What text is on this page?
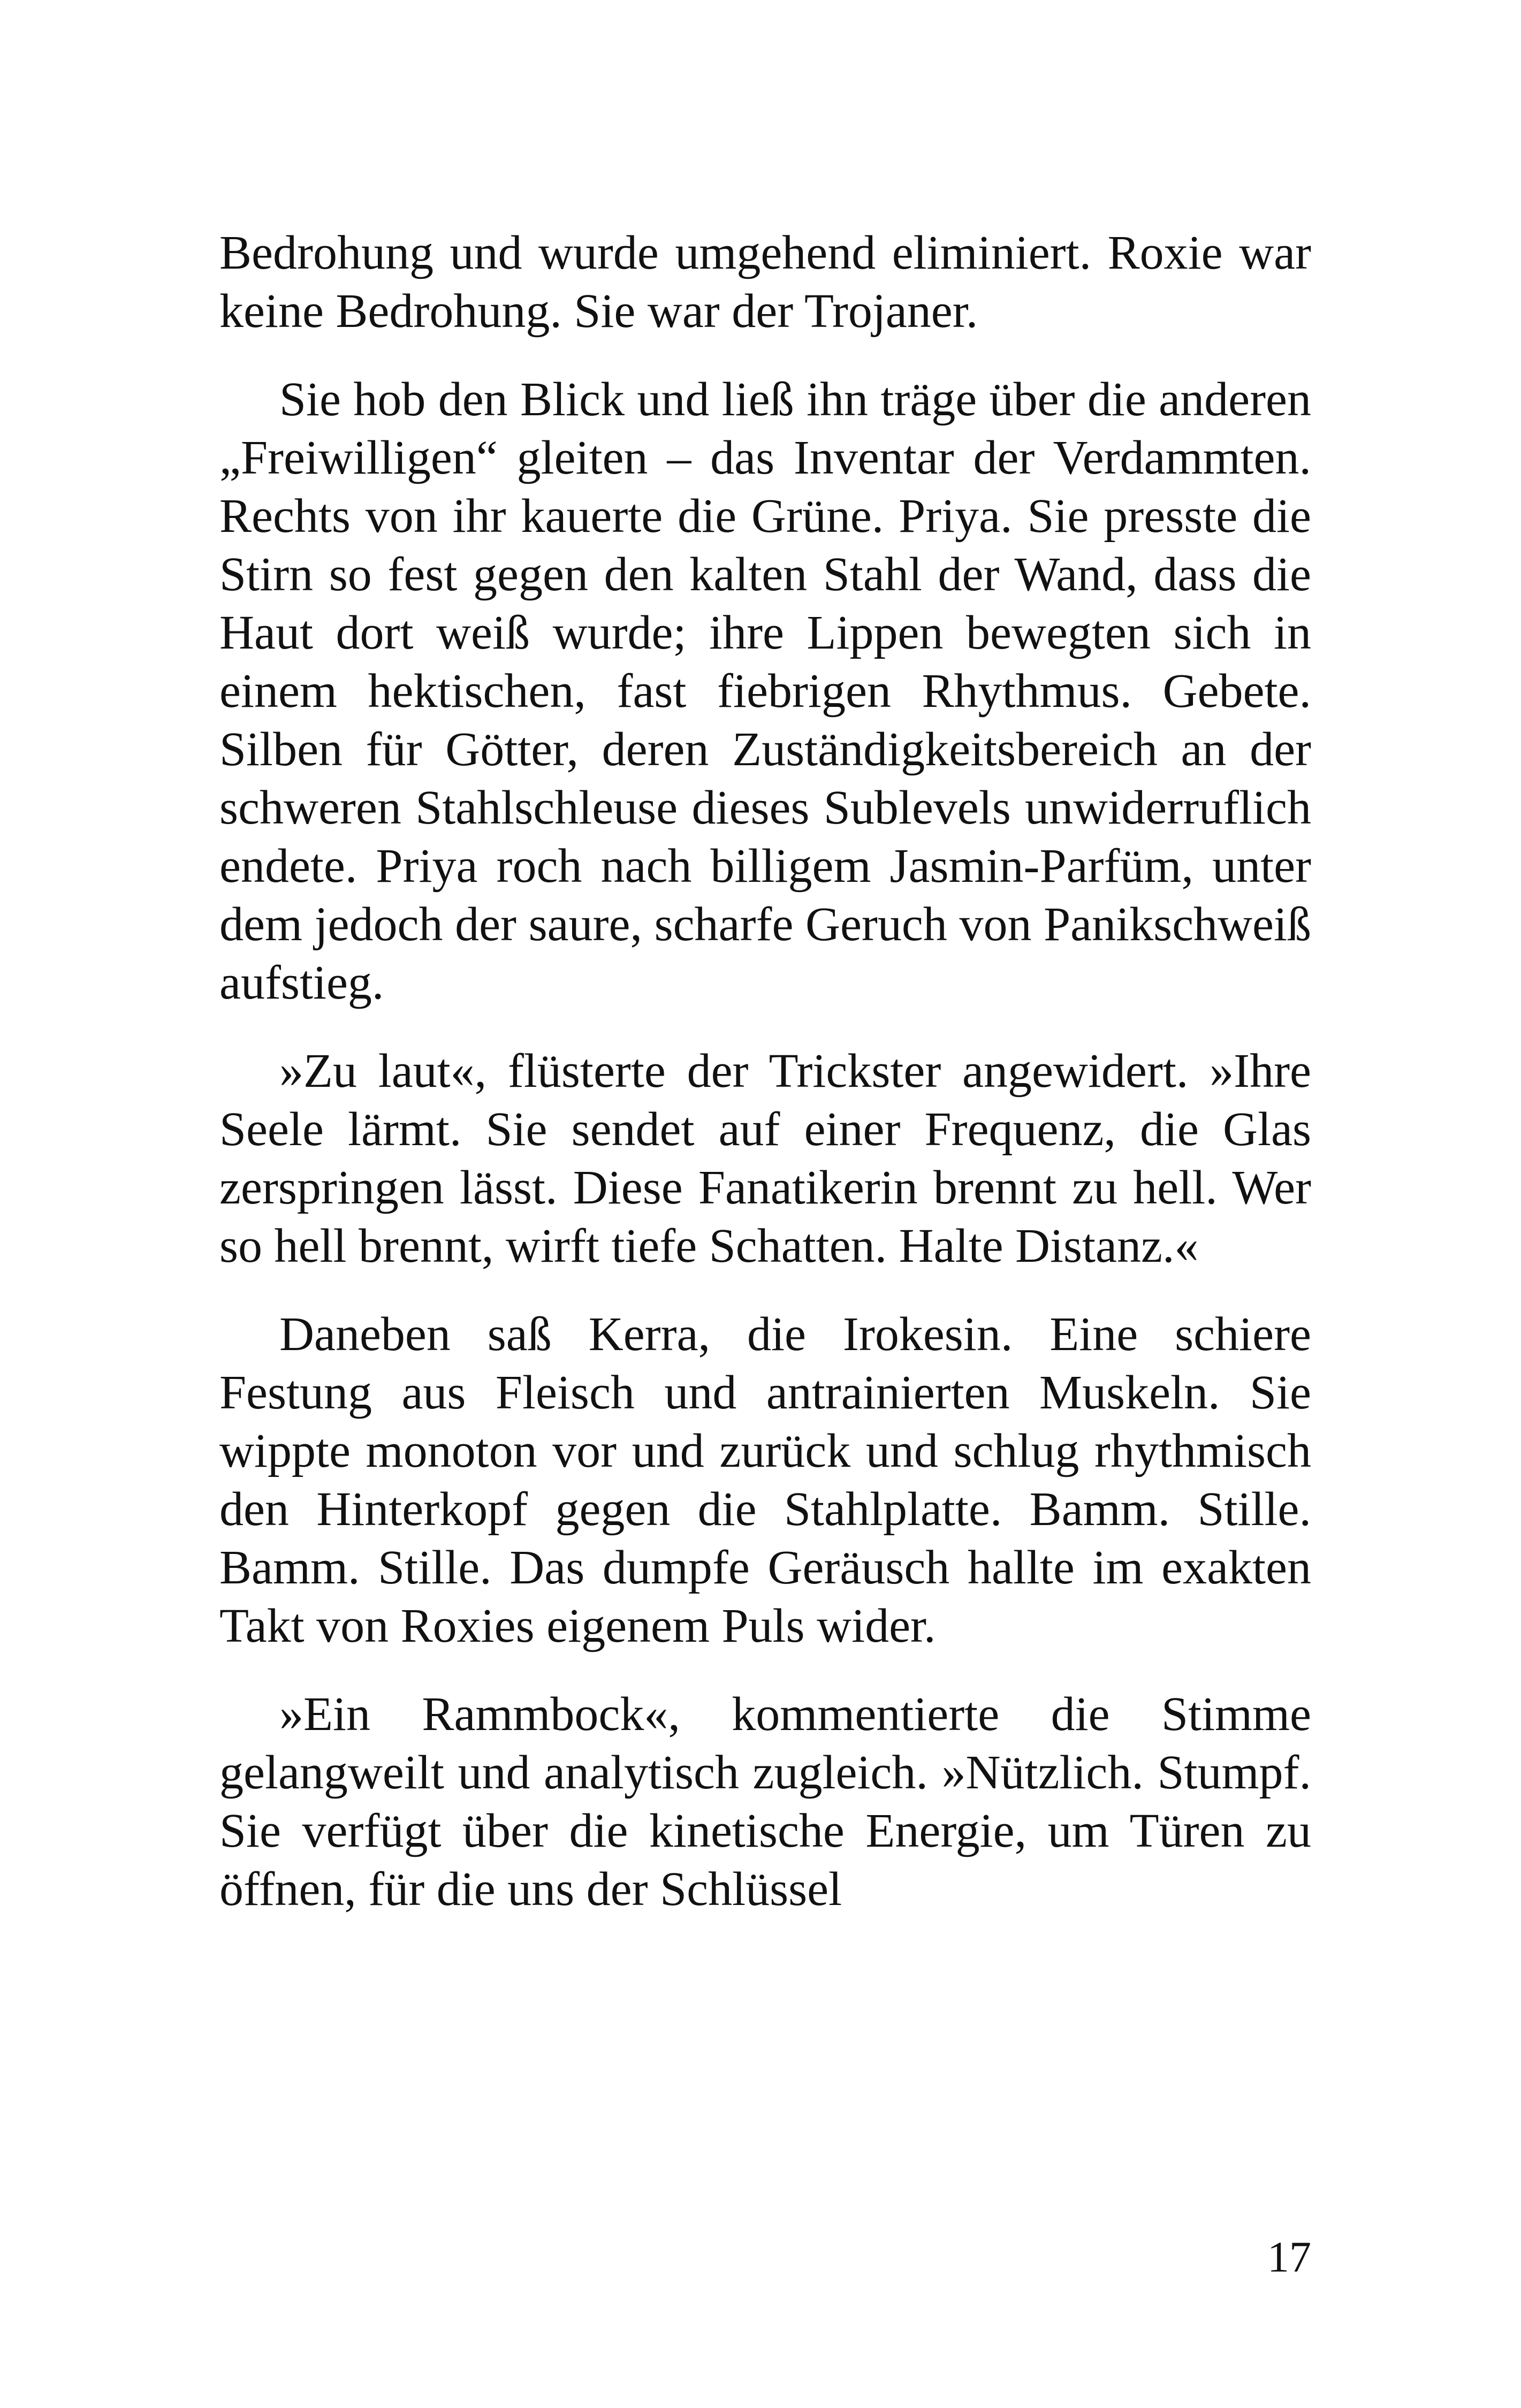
Bedrohung und wurde umgehend eliminiert. Roxie war keine Bedrohung. Sie war der Trojaner.

Sie hob den Blick und ließ ihn träge über die anderen „Freiwilligen“ gleiten – das Inventar der Verdammten. Rechts von ihr kauerte die Grüne. Priya. Sie presste die Stirn so fest gegen den kalten Stahl der Wand, dass die Haut dort weiß wurde; ihre Lippen bewegten sich in einem hektischen, fast fiebrigen Rhythmus. Gebete. Silben für Götter, deren Zuständigkeitsbereich an der schweren Stahlschleuse dieses Sublevels unwiderruflich endete. Priya roch nach billigem Jasmin-Parfüm, unter dem jedoch der saure, scharfe Geruch von Panikschweiß aufstieg.

»Zu laut«, flüsterte der Trickster angewidert. »Ihre Seele lärmt. Sie sendet auf einer Frequenz, die Glas zerspringen lässt. Diese Fanatikerin brennt zu hell. Wer so hell brennt, wirft tiefe Schatten. Halte Distanz.«

Daneben saß Kerra, die Irokesin. Eine schiere Festung aus Fleisch und antrainierten Muskeln. Sie wippte monoton vor und zurück und schlug rhythmisch den Hinterkopf gegen die Stahlplatte. Bamm. Stille. Bamm. Stille. Das dumpfe Geräusch hallte im exakten Takt von Roxies eigenem Puls wider.

»Ein Rammbock«, kommentierte die Stimme gelangweilt und analytisch zugleich. »Nützlich. Stumpf. Sie verfügt über die kinetische Energie, um Türen zu öffnen, für die uns der Schlüssel

17
